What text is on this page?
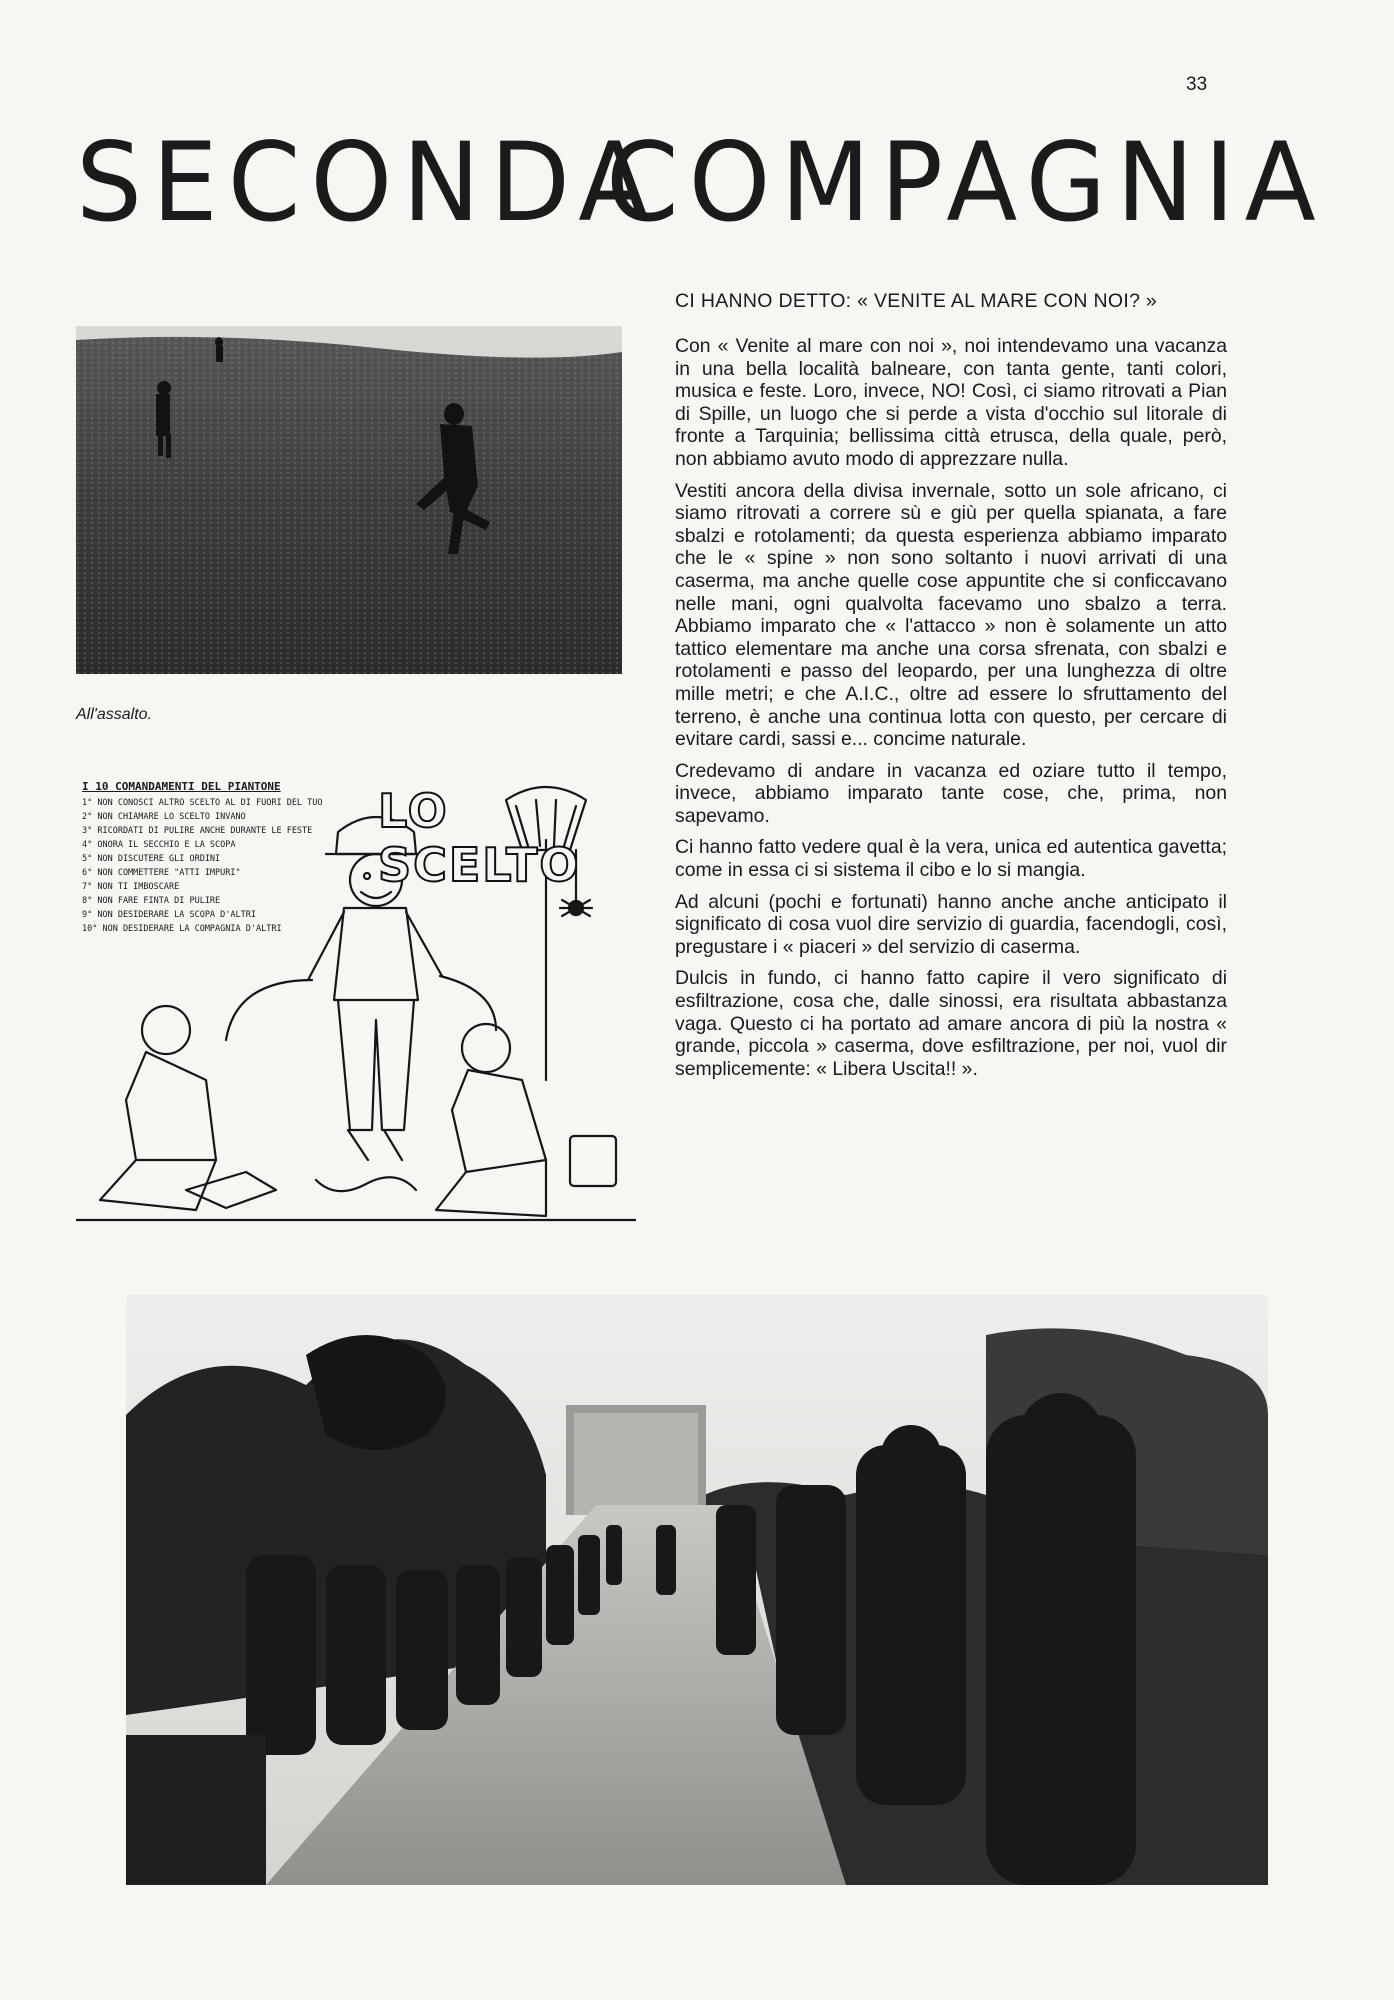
33
SECONDA
COMPAGNIA
All'assalto.
I 10 COMANDAMENTI DEL PIANTONE
1° NON CONOSCI ALTRO SCELTO AL DI FUORI DEL TUO
2° NON CHIAMARE LO SCELTO INVANO
3° RICORDATI DI PULIRE ANCHE DURANTE LE FESTE
4° ONORA IL SECCHIO E LA SCOPA
5° NON DISCUTERE GLI ORDINI
6° NON COMMETTERE "ATTI IMPURI"
7° NON TI IMBOSCARE
8° NON FARE FINTA DI PULIRE
9° NON DESIDERARE LA SCOPA D'ALTRI
10° NON DESIDERARE LA COMPAGNIA D'ALTRI
LO SCELTO
CI HANNO DETTO: « VENITE AL MARE CON NOI? »

Con « Venite al mare con noi », noi intendevamo una vacanza in una bella località balneare, con tanta gente, tanti colori, musica e feste. Loro, invece, NO! Così, ci siamo ritrovati a Pian di Spille, un luogo che si perde a vista d'occhio sul litorale di fronte a Tarquinia; bellissima città etrusca, della quale, però, non abbiamo avuto modo di apprezzare nulla.

Vestiti ancora della divisa invernale, sotto un sole africano, ci siamo ritrovati a correre sù e giù per quella spianata, a fare sbalzi e rotolamenti; da questa esperienza abbiamo imparato che le « spine » non sono soltanto i nuovi arrivati di una caserma, ma anche quelle cose appuntite che si conficcavano nelle mani, ogni qualvolta facevamo uno sbalzo a terra. Abbiamo imparato che « l'attacco » non è solamente un atto tattico elementare ma anche una corsa sfrenata, con sbalzi e rotolamenti e passo del leopardo, per una lunghezza di oltre mille metri; e che A.I.C., oltre ad essere lo sfruttamento del terreno, è anche una continua lotta con questo, per cercare di evitare cardi, sassi e... concime naturale.

Credevamo di andare in vacanza ed oziare tutto il tempo, invece, abbiamo imparato tante cose, che, prima, non sapevamo.

Ci hanno fatto vedere qual è la vera, unica ed autentica gavetta; come in essa ci si sistema il cibo e lo si mangia.

Ad alcuni (pochi e fortunati) hanno anche anche anticipato il significato di cosa vuol dire servizio di guardia, facendogli, così, pregustare i « piaceri » del servizio di caserma.

Dulcis in fundo, ci hanno fatto capire il vero significato di esfiltrazione, cosa che, dalle sinossi, era risultata abbastanza vaga. Questo ci ha portato ad amare ancora di più la nostra « grande, piccola » caserma, dove esfiltrazione, per noi, vuol dir semplicemente: « Libera Uscita!! ».
